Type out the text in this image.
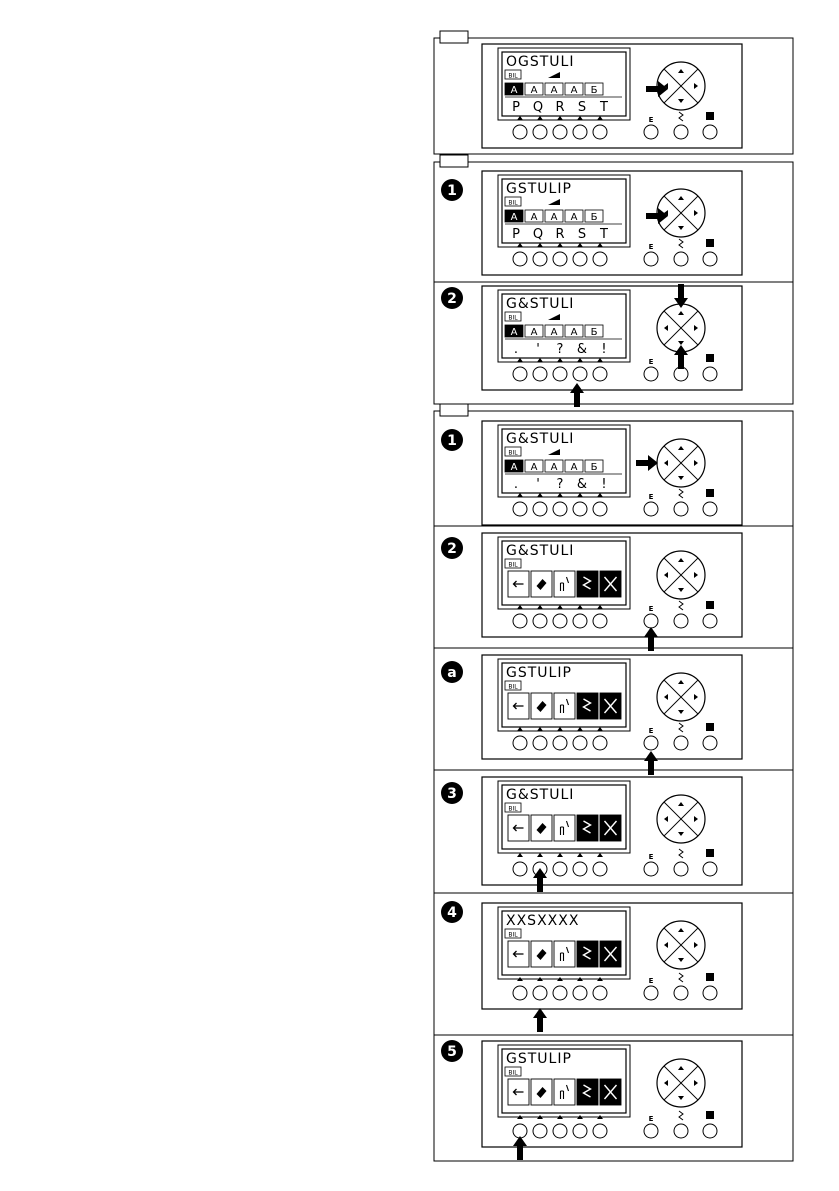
OGSTULI
BIL
A A A A Б
P Q R S T
E
GSTULIP
BIL
A A A A Б
P Q R S T
E
1
G&STULI
BIL
A A A A Б
. ' ? & !
E
2
G&STULI
BIL
A A A A Б
. ' ? & !
E
1
G&STULI
BIL
E
2
GSTULIP
BIL
E
a
G&STULI
BIL
E
3
XXSXXXX
BIL
E
4
GSTULIP
BIL
E
5
